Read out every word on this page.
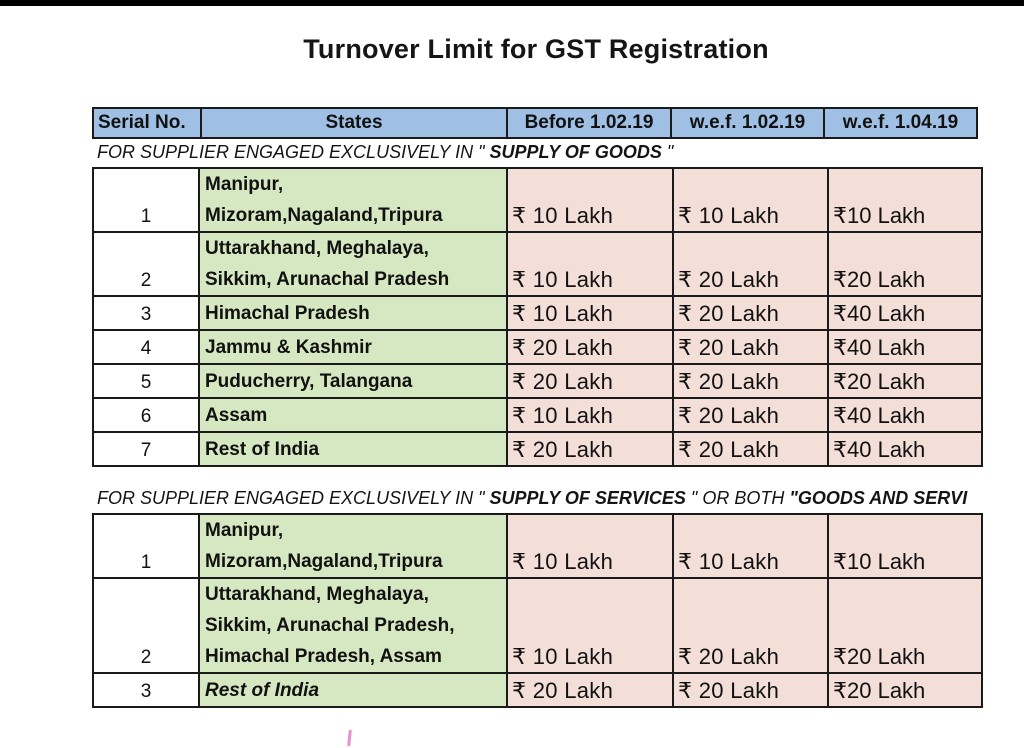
Turnover Limit for GST Registration
Serial No.	States	Before 1.02.19	w.e.f. 1.02.19	w.e.f. 1.04.19
FOR SUPPLIER ENGAGED EXCLUSIVELY IN " SUPPLY OF GOODS "
1	Manipur,
Mizoram,Nagaland,Tripura	₹ 10 Lakh	₹ 10 Lakh	₹10 Lakh
2	Uttarakhand, Meghalaya,
Sikkim, Arunachal Pradesh	₹ 10 Lakh	₹ 20 Lakh	₹20 Lakh
3	Himachal Pradesh	₹ 10 Lakh	₹ 20 Lakh	₹40 Lakh
4	Jammu & Kashmir	₹ 20 Lakh	₹ 20 Lakh	₹40 Lakh
5	Puducherry, Talangana	₹ 20 Lakh	₹ 20 Lakh	₹20 Lakh
6	Assam	₹ 10 Lakh	₹ 20 Lakh	₹40 Lakh
7	Rest of India	₹ 20 Lakh	₹ 20 Lakh	₹40 Lakh
FOR SUPPLIER ENGAGED EXCLUSIVELY IN " SUPPLY OF SERVICES " OR BOTH "GOODS AND SERVI
1	Manipur,
Mizoram,Nagaland,Tripura	₹ 10 Lakh	₹ 10 Lakh	₹10 Lakh
2	Uttarakhand, Meghalaya,
Sikkim, Arunachal Pradesh,
Himachal Pradesh, Assam	₹ 10 Lakh	₹ 20 Lakh	₹20 Lakh
3	Rest of India	₹ 20 Lakh	₹ 20 Lakh	₹20 Lakh
